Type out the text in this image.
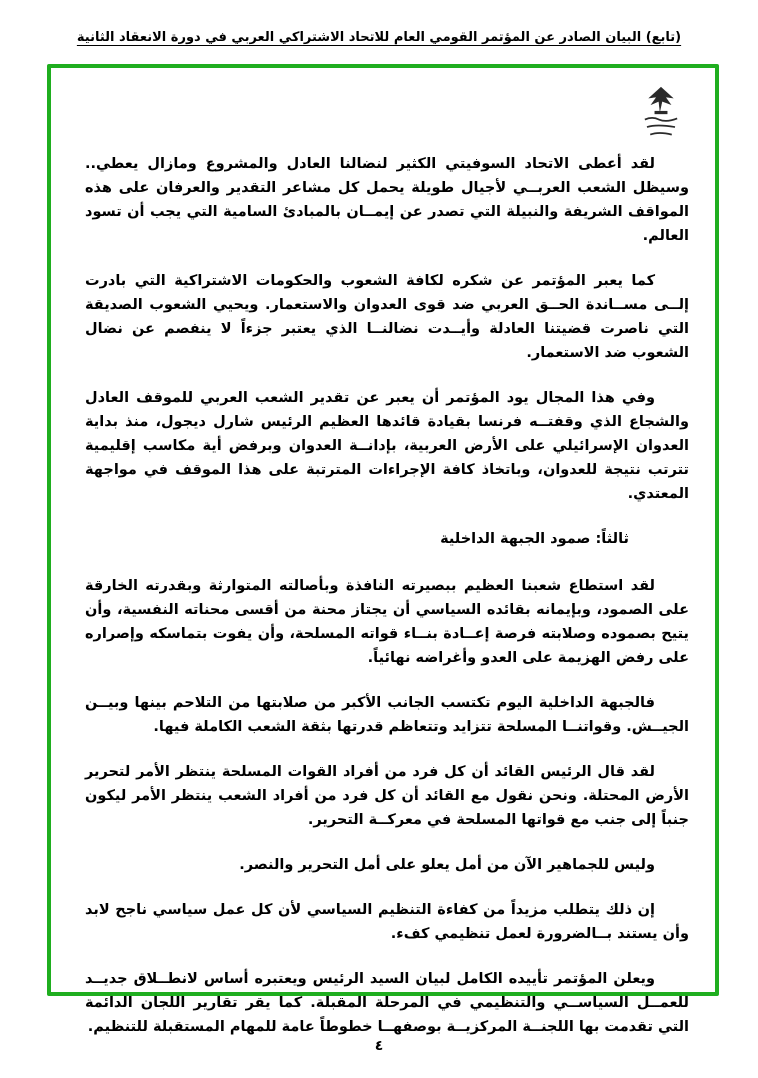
(تابع) البيان الصادر عن المؤتمر القومي العام للاتحاد الاشتراكي العربي في دورة الانعقاد الثانية

لقد أعطى الاتحاد السوفيتي الكثير لنضالنا العادل والمشروع ومازال يعطي.. وسيظل الشعب العربــي لأجيال طويلة يحمل كل مشاعر التقدير والعرفان على هذه المواقف الشريفة والنبيلة التي تصدر عن إيمــان بالمبادئ السامية التي يجب أن تسود العالم.

كما يعبر المؤتمر عن شكره لكافة الشعوب والحكومات الاشتراكية التي بادرت إلــى مســاندة الحــق العربي ضد قوى العدوان والاستعمار. ويحيي الشعوب الصديقة التي ناصرت قضيتنا العادلة وأيــدت نضالنــا الذي يعتبر جزءاً لا ينفصم عن نضال الشعوب ضد الاستعمار.

وفي هذا المجال يود المؤتمر أن يعبر عن تقدير الشعب العربي للموقف العادل والشجاع الذي وقفتــه فرنسا بقيادة قائدها العظيم الرئيس شارل ديجول، منذ بداية العدوان الإسرائيلي على الأرض العربية، بإدانــة العدوان وبرفض أية مكاسب إقليمية تترتب نتيجة للعدوان، وباتخاذ كافة الإجراءات المترتبة على هذا الموقف في مواجهة المعتدي.

ثالثاً: صمود الجبهة الداخلية

لقد استطاع شعبنا العظيم ببصيرته النافذة وبأصالته المتوارثة وبقدرته الخارقة على الصمود، وبإيمانه بقائده السياسي أن يجتاز محنة من أقسى محناته النفسية، وأن يتيح بصموده وصلابته فرصة إعــادة بنــاء قواته المسلحة، وأن يفوت بتماسكه وإصراره على رفض الهزيمة على العدو وأغراضه نهائياً.

فالجبهة الداخلية اليوم تكتسب الجانب الأكبر من صلابتها من التلاحم بينها وبيــن الجيــش. وقواتنــا المسلحة تتزايد وتتعاظم قدرتها بثقة الشعب الكاملة فيها.

لقد قال الرئيس القائد أن كل فرد من أفراد القوات المسلحة ينتظر الأمر لتحرير الأرض المحتلة. ونحن نقول مع القائد أن كل فرد من أفراد الشعب ينتظر الأمر ليكون جنباً إلى جنب مع قواتها المسلحة في معركــة التحرير.

وليس للجماهير الآن من أمل يعلو على أمل التحرير والنصر.

إن ذلك يتطلب مزيداً من كفاءة التنظيم السياسي لأن كل عمل سياسي ناجح لابد وأن يستند بــالضرورة لعمل تنظيمي كفء.

ويعلن المؤتمر تأييده الكامل لبيان السيد الرئيس ويعتبره أساس لانطــلاق جديــد للعمــل السياســي والتنظيمي في المرحلة المقبلة. كما يقر تقارير اللجان الدائمة التي تقدمت بها اللجنــة المركزيــة بوصفهــا خطوطاً عامة للمهام المستقبلة للتنظيم.

٤
